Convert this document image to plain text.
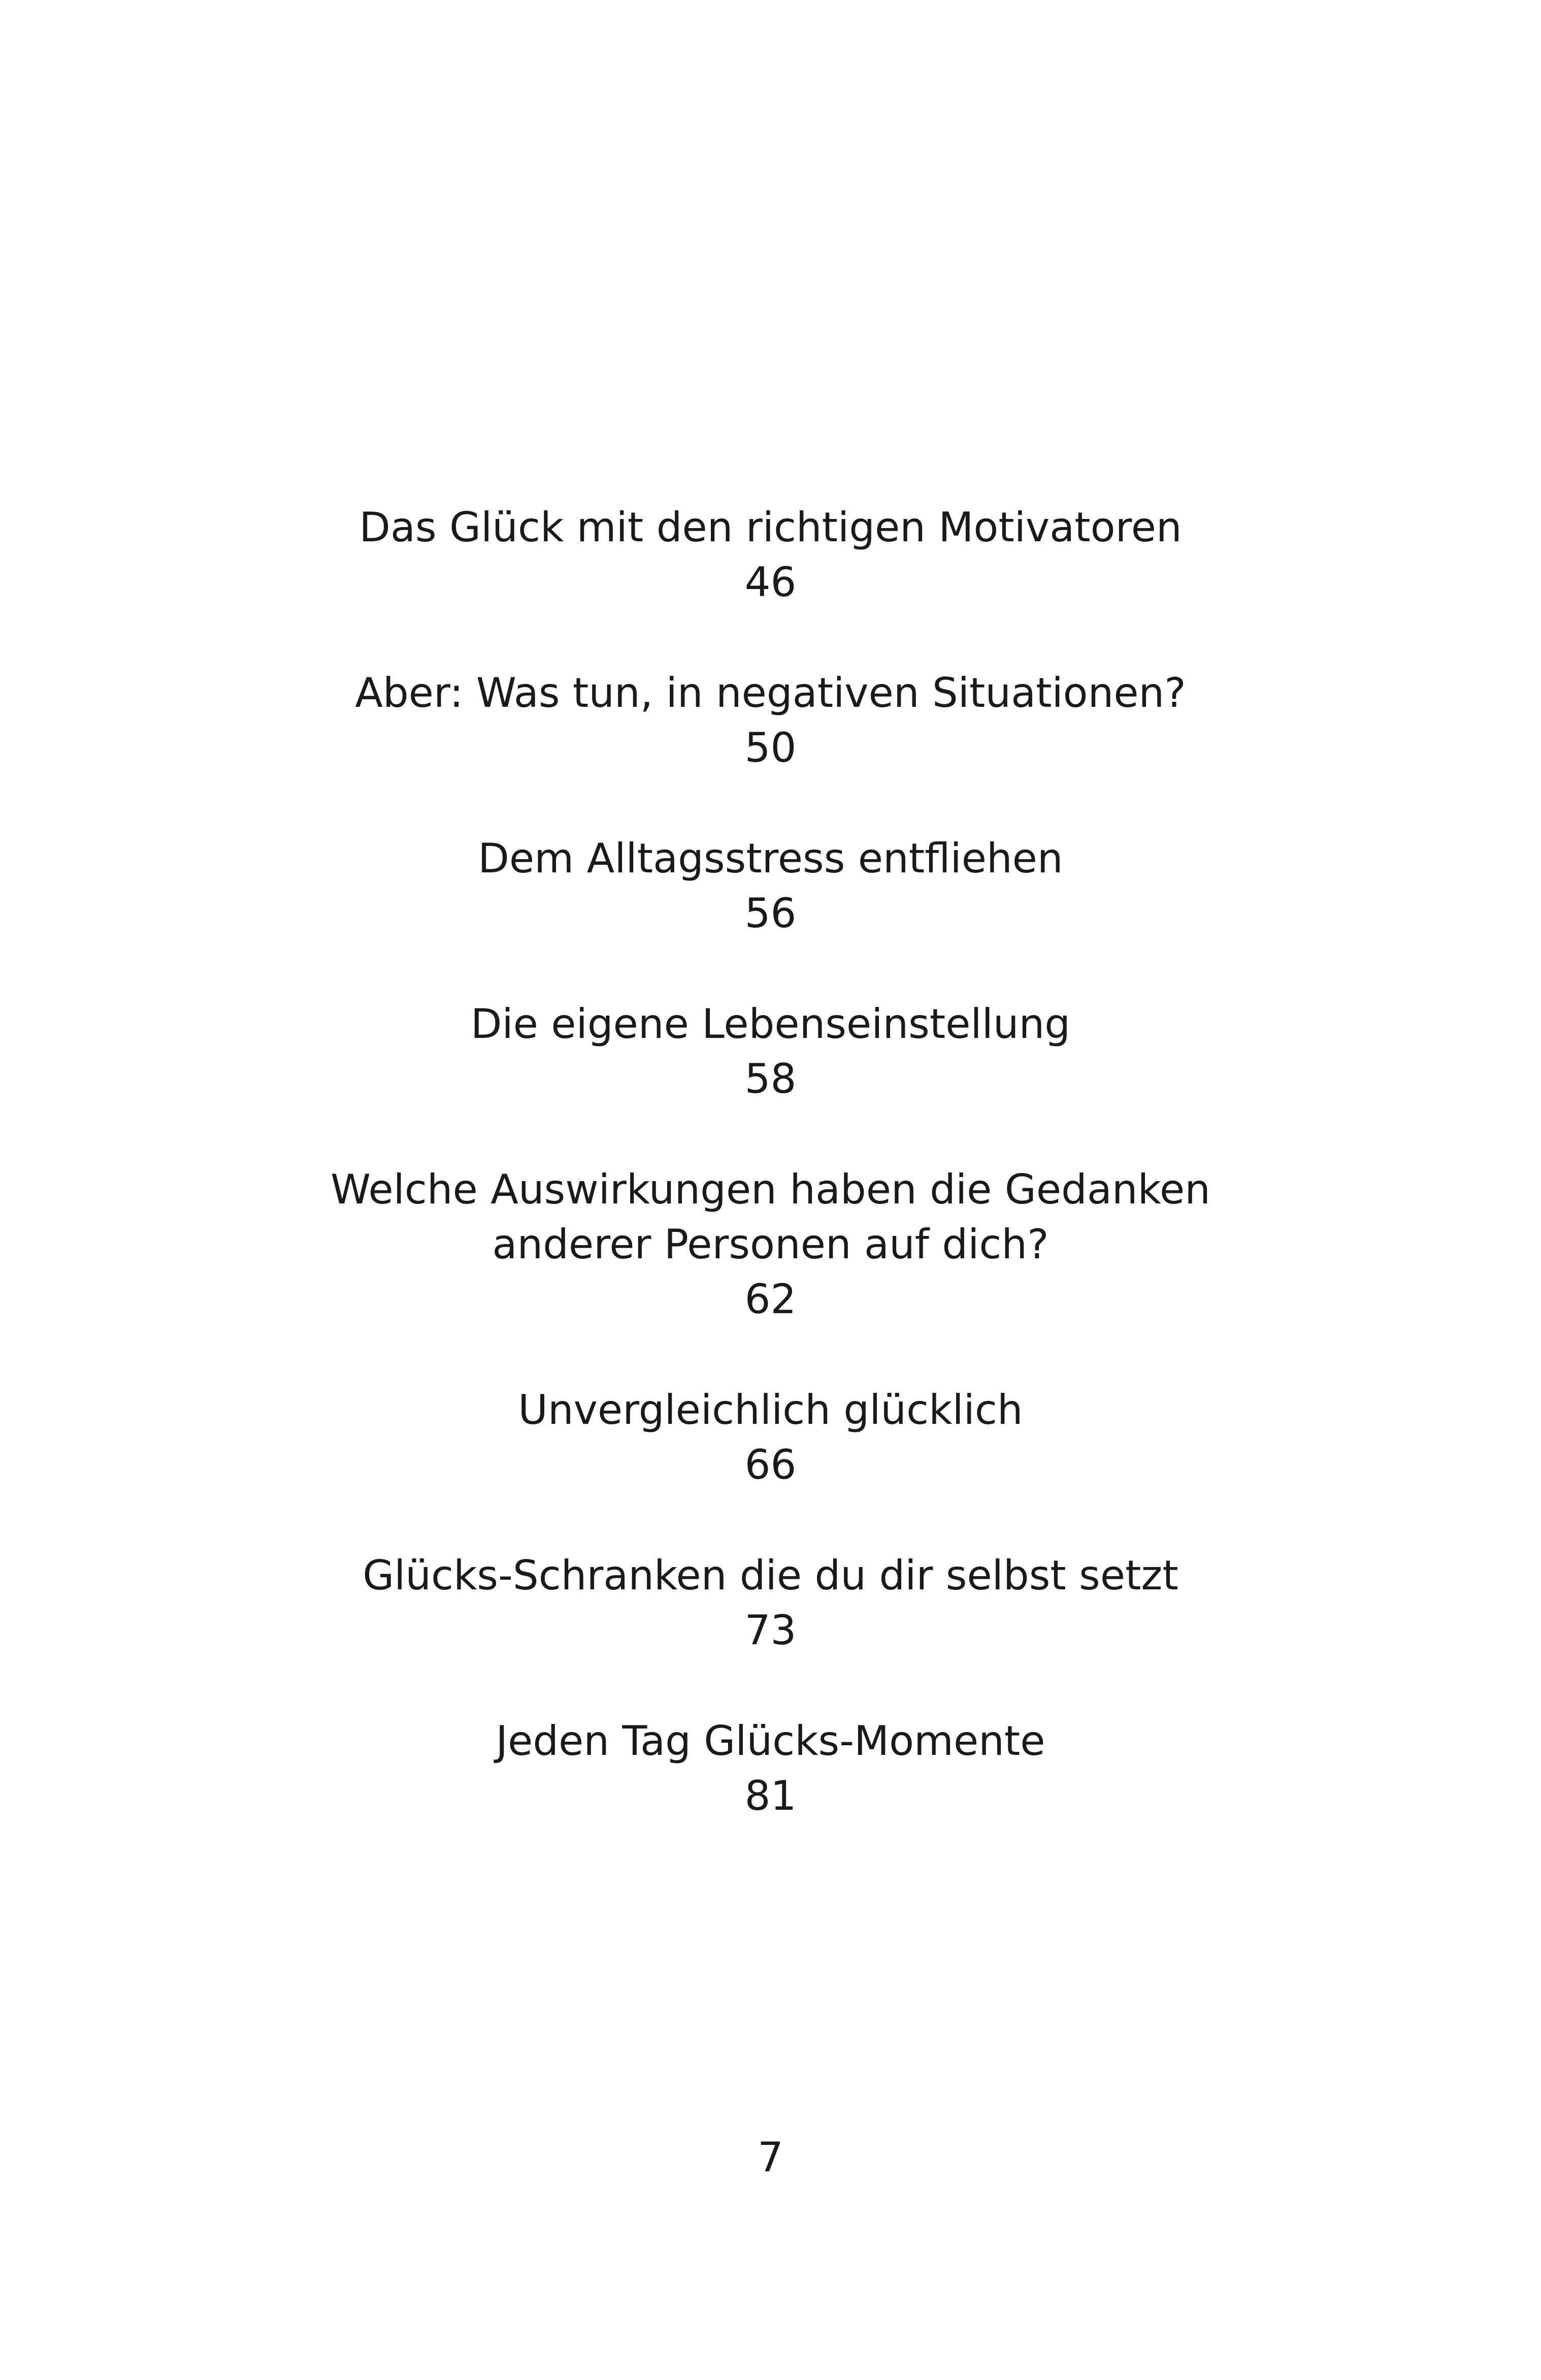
Das Glück mit den richtigen Motivatoren
46
Aber: Was tun, in negativen Situationen?
50
Dem Alltagsstress entfliehen
56
Die eigene Lebenseinstellung
58
Welche Auswirkungen haben die Gedanken
anderer Personen auf dich?
62
Unvergleichlich glücklich
66
Glücks-Schranken die du dir selbst setzt
73
Jeden Tag Glücks-Momente
81
7
